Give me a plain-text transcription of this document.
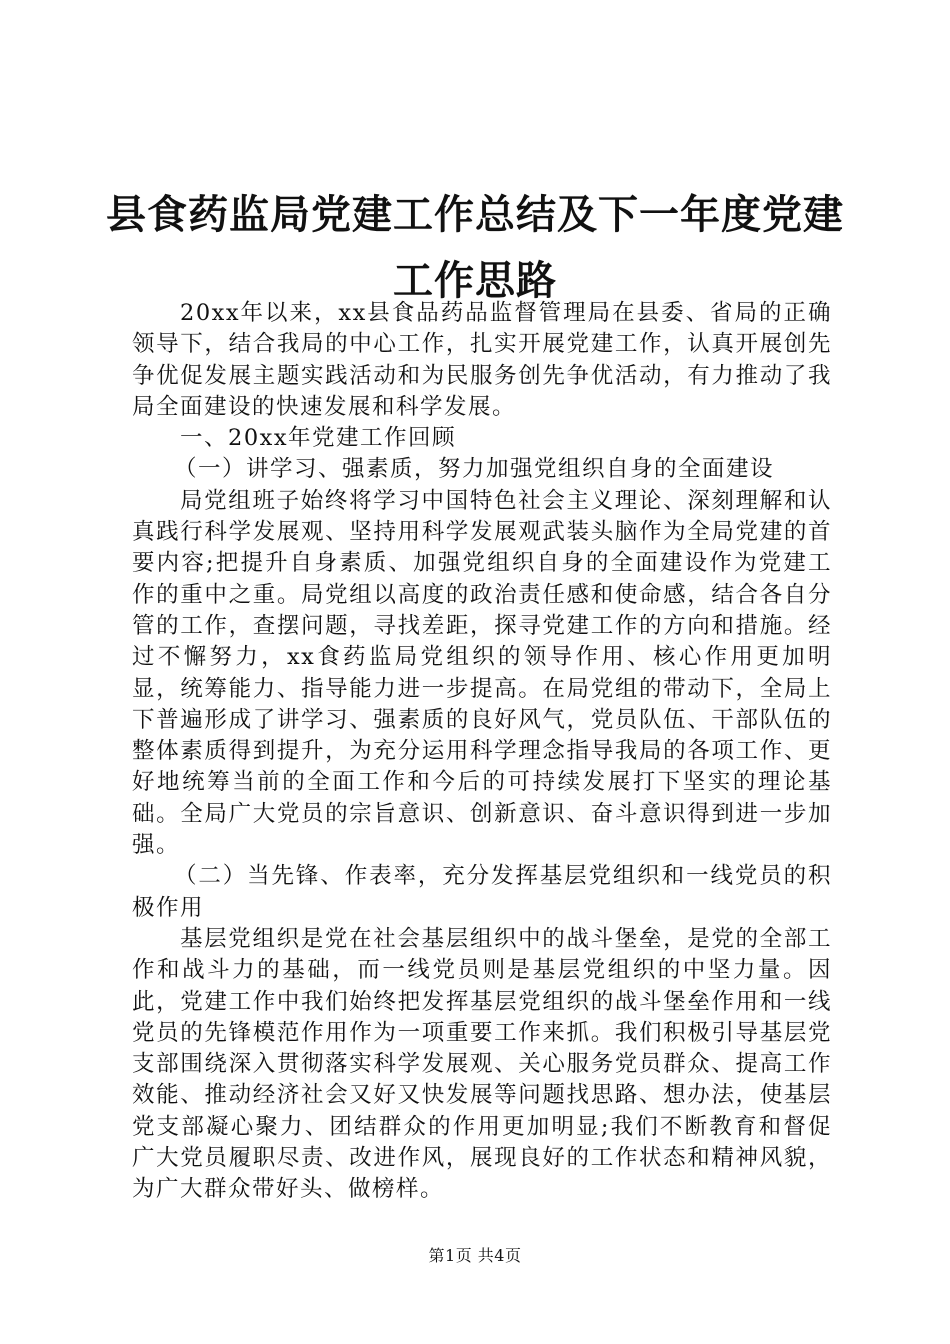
县食药监局党建工作总结及下一年度党建工作思路

20xx年以来，xx县食品药品监督管理局在县委、省局的正确领导下，结合我局的中心工作，扎实开展党建工作，认真开展创先争优促发展主题实践活动和为民服务创先争优活动，有力推动了我局全面建设的快速发展和科学发展。

一、20xx年党建工作回顾

（一）讲学习、强素质，努力加强党组织自身的全面建设

局党组班子始终将学习中国特色社会主义理论、深刻理解和认真践行科学发展观、坚持用科学发展观武装头脑作为全局党建的首要内容;把提升自身素质、加强党组织自身的全面建设作为党建工作的重中之重。局党组以高度的政治责任感和使命感，结合各自分管的工作，查摆问题，寻找差距，探寻党建工作的方向和措施。经过不懈努力，xx食药监局党组织的领导作用、核心作用更加明显，统筹能力、指导能力进一步提高。在局党组的带动下，全局上下普遍形成了讲学习、强素质的良好风气，党员队伍、干部队伍的整体素质得到提升，为充分运用科学理念指导我局的各项工作、更好地统筹当前的全面工作和今后的可持续发展打下坚实的理论基础。全局广大党员的宗旨意识、创新意识、奋斗意识得到进一步加强。

（二）当先锋、作表率，充分发挥基层党组织和一线党员的积极作用

基层党组织是党在社会基层组织中的战斗堡垒，是党的全部工作和战斗力的基础，而一线党员则是基层党组织的中坚力量。因此，党建工作中我们始终把发挥基层党组织的战斗堡垒作用和一线党员的先锋模范作用作为一项重要工作来抓。我们积极引导基层党支部围绕深入贯彻落实科学发展观、关心服务党员群众、提高工作效能、推动经济社会又好又快发展等问题找思路、想办法，使基层党支部凝心聚力、团结群众的作用更加明显;我们不断教育和督促广大党员履职尽责、改进作风，展现良好的工作状态和精神风貌，为广大群众带好头、做榜样。

第1页 共4页
